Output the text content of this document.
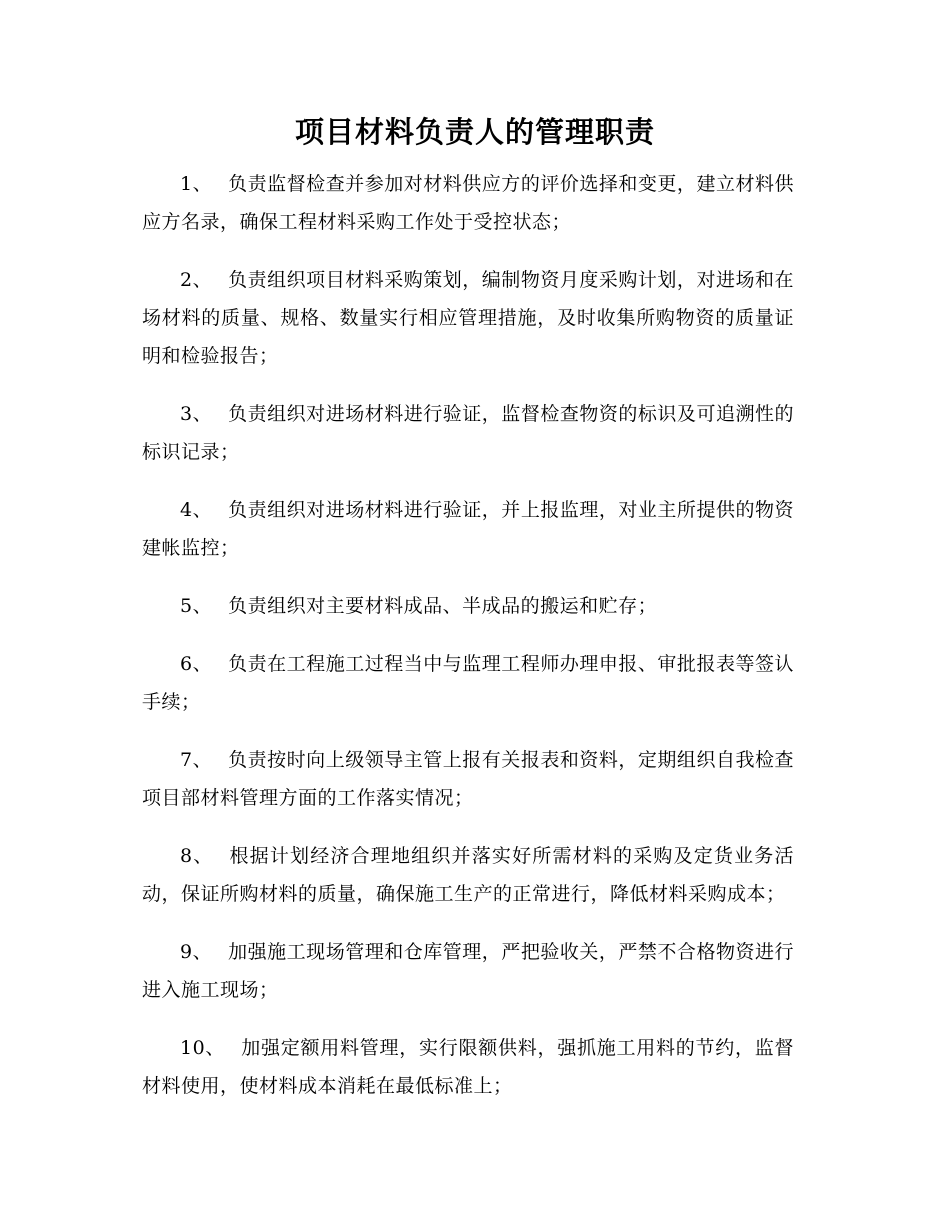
项目材料负责人的管理职责

1、 负责监督检查并参加对材料供应方的评价选择和变更，建立材料供应方名录，确保工程材料采购工作处于受控状态；

2、 负责组织项目材料采购策划，编制物资月度采购计划，对进场和在场材料的质量、规格、数量实行相应管理措施，及时收集所购物资的质量证明和检验报告；

3、 负责组织对进场材料进行验证，监督检查物资的标识及可追溯性的标识记录；

4、 负责组织对进场材料进行验证，并上报监理，对业主所提供的物资建帐监控；

5、 负责组织对主要材料成品、半成品的搬运和贮存；

6、 负责在工程施工过程当中与监理工程师办理申报、审批报表等签认手续；

7、 负责按时向上级领导主管上报有关报表和资料，定期组织自我检查项目部材料管理方面的工作落实情况；

8、 根据计划经济合理地组织并落实好所需材料的采购及定货业务活动，保证所购材料的质量，确保施工生产的正常进行，降低材料采购成本；

9、 加强施工现场管理和仓库管理，严把验收关，严禁不合格物资进行进入施工现场；

10、 加强定额用料管理，实行限额供料，强抓施工用料的节约，监督材料使用，使材料成本消耗在最低标准上；
